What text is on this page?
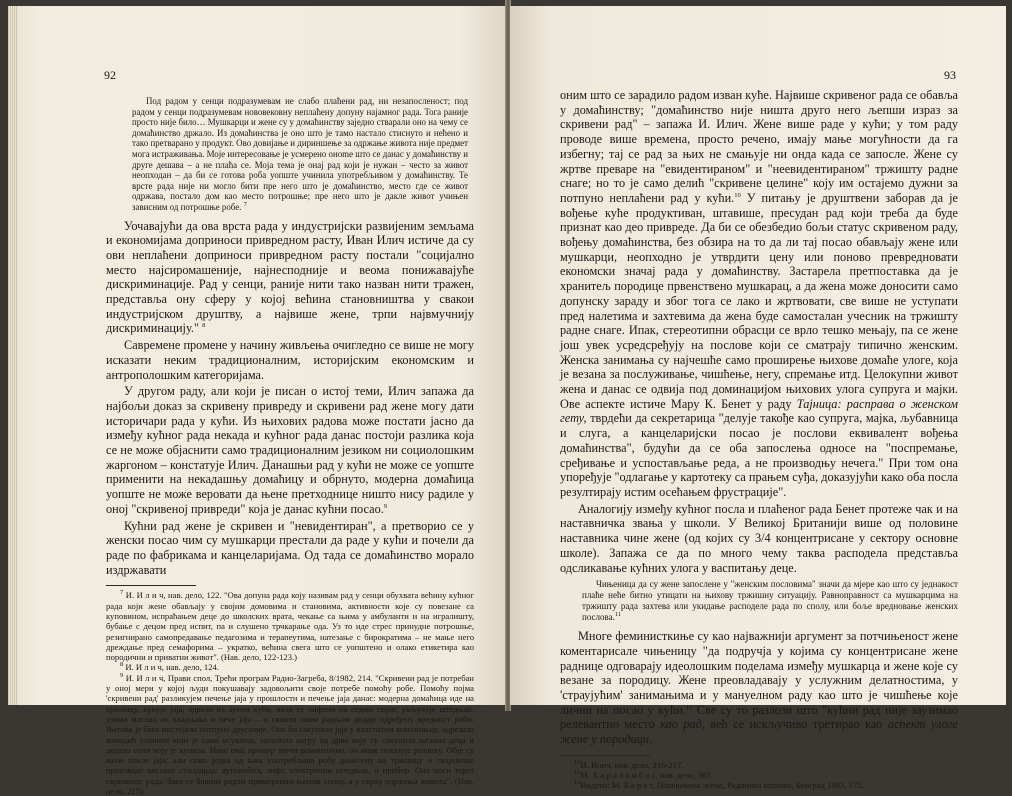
92

Под радом у сенци подразумевам не слабо плаћени рад, ни незапосленост; под радом у сенци подразумевам нововековну неплаћену допуну најамног рада. Тога раније просто није било… Мушкарци и жене су у домаћинству заједно стварали оно на чему се домаћинство држало. Из домаћинства је оно што је тамо настало стиснуто и нећено и тако претварано у продукт. Ово довијање и дириншење за одржање живота није предмет мога истраживања. Моје интересовање је усмерено онome што се данас у домаћинству и друге дешава – а не плаћа се. Моја тема је онај рад који је нужан – често за живот неопходан – да би се готова роба уопште учинила употребљивом у домаћинству. Те врсте рада није ни могло бити пре него што је домаћинство, место где се живот одржава, постало дом као место потрошње; пре него што је дакле живот учињен зависним од потрошње робе. $^7$

Уочавајући да ова врста рада у индустријски развијеним земљама и економијама доприноси привредном расту, Иван Илич истиче да су ови неплаћени доприноси привредном расту постали "социјално место наjсиромашеније, најнесподније и веома понижавајуће дискриминације. Рад у сенци, раније нити тако назван нити тражен, представља ону сферу у којој већина становништва у свакои индустријском друштву, а највише жене, трпи највмучнију дискриминацију." $^8$

Савремене промене у начину живљења очигледно се више не могу исказати неким традиционалним, историјским економским и антрополошким категоријама.

У другом раду, али који је писан о истој теми, Илич запажа да најбољи доказ за скривену привреду и скривени рад жене могу дати историчари рада у кући. Из њихових радова може постати јасно да између кућног рада некада и кућног рада данас постоји разлика која се не може објаснити само традиционалним језиком ни социолошким жаргоном – констатује Илич. Данашњи рад у кући не може се уопште применити на некадашњу домаћицу и обрнуто, модерна домаћица уопште не може веровати да њене претходнице ништо нису радиле у оној "скривеној привреди" која је данас кућни посао.$^9$

Кућни рад жене је скривен и "невидентиран", а претворио се у женски посао чим су мушкарци престали да раде у кући и почели да раде по фабрикама и канцеларијама. Од тада се домаћинство морало издржавати

$^7$ И. И л и ч, нав. дело, 122. "Ова допуна рада коју називам рад у сенци обухвата већину кућног рада који жене обављају у својим домовима и становима, активности које су повезане са куповином, испраћањем деце до школских врата, чекање са њима у амбуланти и на игралишту, бубање с децом пред испит, па и слушено трчкарање ода. Уз то иде стрес принудне потрошње, резигнирано самопредавање педагозима и терапеутима, натезање с бирократима – не мање него дреждање пред семафорима – укратко, већина свега што се уопштено и олако етикетира као породични и приватни живот". (Нав. дело, 122-123.)

$^8$ И. И л и ч, нав. дело, 124.

$^9$ И. И л и ч, Прави спол, Трећи програм Радио-Загреба, 8/1982, 214. "Скривени рад је потребан у оној мери у којој људи покушавају задовољити своје потребе помоћу робе. Помоћу појма 'скривени рад' разликујем печење јаја у прошлости и печење јаја данас: модерна домаћица иде на тржницу, купује јаја, одвози их аутом кући, вози се лифтом на седми спрат, укључује штедњак, узима маслац из хладњака и пече јаја – и сваком овом радњом додаје одређену вредност роби. Његова је бака постојала потпуно другачије. Она би сакупила јаја у властитом кокошињцу, одрезала комадић сланине који је сама осушила, запалила ватру од дрва коју су сакупила њезина деца и додала соли коју је купила. Иако овај пример звучи романтично, он ипак показује разлику. Обје су жене пекле јаја; али само једна од њих употребљава робу донесену на тржницу и творничке производе високог стандарда: аутомобил, лифт, електрични штедњак, и прибор. Она носи терет скривеног рада; бака се бавила радом примереним њеном сполу, а у сврху одржања живота". (Нав. дело, 215).

93

оним што се зарадило радом изван куће. Највише скривеног рада се обавља у домаћинству; "домаћинство није ништа друго него љепши израз за скривени рад" – запажа И. Илич. Жене више раде у кући; у том раду проводе више времена, просто речено, имају мање могућности да га избегну; тај се рад за њих не смањује ни онда када се запосле. Жене су жртве преваре на "евидентираном" и "неевидентираном" тржишту радне снаге; но то је само делић "скривене целине" коју им остајемо дужни за потпуно неплаћени рад у кући.$^{10}$ У питању је друштвени заборав да је вођење куће продуктиван, штавише, пресудан рад који треба да буде признат као део привреде. Да би се обезбедио бољи статус скривеном раду, вођењу домаћинства, без обзира на то да ли тај посао обављају жене или мушкарци, неопходно је утврдити цену или поново превредновати економски значај рада у домаћинству. Застарела претпоставка да је хранитељ породице првенствено мушкарац, а да жена може доносити само допунску зараду и због тога се лако и жртвовати, све више не уступати пред налетима и захтевима да жена буде самосталан учесник на тржишту радне снаге. Ипак, стереотипни обрасци се врло тешко мењају, па се жене још увек усредсређују на послове који се сматрају типично женским. Женска занимања су најчешће само проширење њихове домаће улоге, која је везана за послуживање, чишћење, негу, спремање итд. Целокупни живот жена и данас се одвија под доминацијом њихових улога супруга и мајки. Ове аспекте истиче Мару К. Бенет у раду Тајница: расправа о женском гету, тврдећи да секретарица "делује такође као супруга, мајка, љубавница и слуга, а канцеларијски посао је послови еквивалент вођења домаћинства", будући да се оба запослења односе на "поспремање, сређивање и успостављање реда, а не производњу нечега." При том она упоређује "одлагање у картотеку са прањем суђа, доказујући како оба посла резултирају истим осећањем фрустрације".

Аналогију између кућног посла и плаћеног рада Бенет протеже чак и на наставничка звања у школи. У Великој Британији више од половине наставника чине жене (од којих су 3/4 концентрисане у сектору основне школе). Запажа се да по много чему таква расподела представља одсликавање кућних улога у васпитању деце.

Чињеница да су жене запослене у "женским пословима" значи да мјере као што су једнакост плаће неће битно утицати на њихову тржишну ситуацију. Равноправност са мушкарцима на тржишту рада захтева или укидање расподеле рада по сполу, или боље вредновање женских послова.$^{11}$

Многе феминисткиње су као најважнији аргумент за потчињеност жене коментарисале чињеницу "да подручја у којима су концентрисане жене раднице одговарају идеолошким поделама између мушкарца и жене које су везане за породицу. Жене преовладавају у услужним делатностима, у 'страујућим' занимањима и у мануелном раду као што је чишћење које лични на посао у кући.$^{12}$ Све су то разлози што "кућни рад није заузимао релевантно место као рад, већ се искључиво третирао као аспект улоге жене у породици,

$^{10}$И. Илич, нав. дело, 216-217.

$^{11}$М. Х а р а л а м б о с, нав. дело, 367.

$^{12}$Видети: М. Б а р е т, Потчињена жена, Радничка штампа, Београд 1983, 175.
